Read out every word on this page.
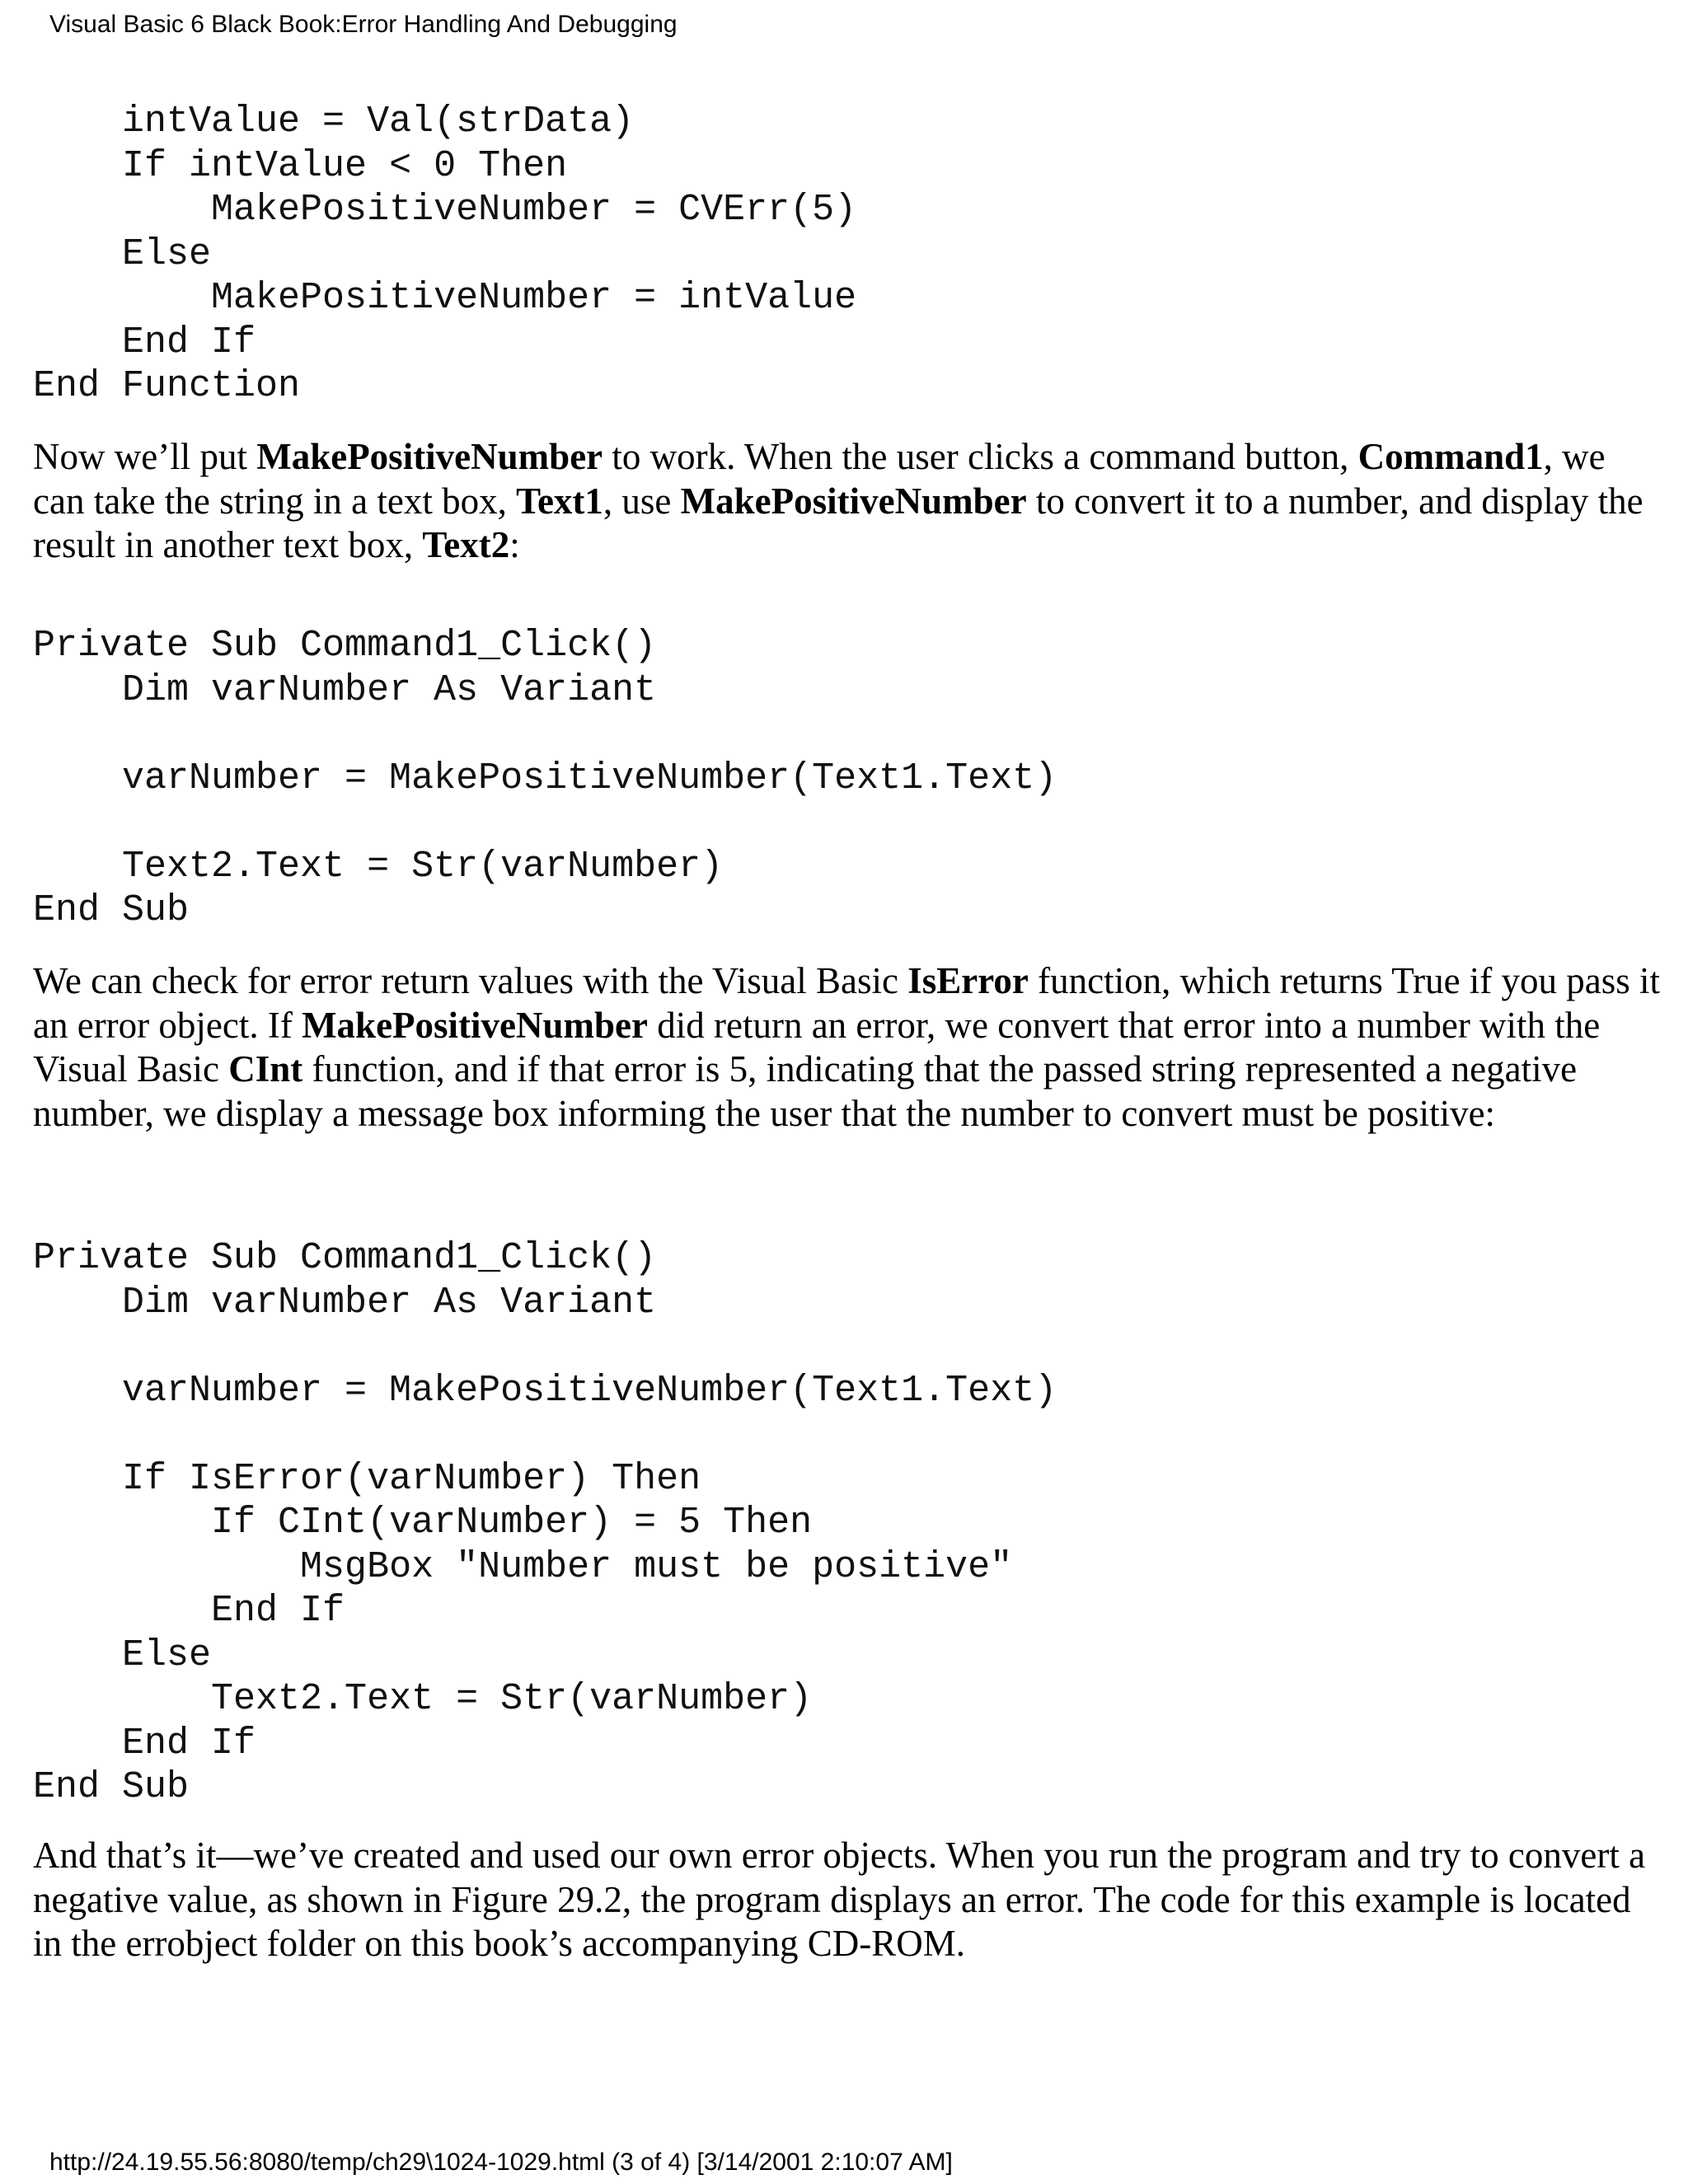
Visual Basic 6 Black Book:Error Handling And Debugging
intValue = Val(strData)
If intValue < 0 Then
MakePositiveNumber = CVErr(5)
Else
MakePositiveNumber = intValue
End If
End Function

Now we’ll put MakePositiveNumber to work. When the user clicks a command button, Command1, we can take the string in a text box, Text1, use MakePositiveNumber to convert it to a number, and display the result in another text box, Text2:

Private Sub Command1_Click()
Dim varNumber As Variant
varNumber = MakePositiveNumber(Text1.Text)
Text2.Text = Str(varNumber)
End Sub

We can check for error return values with the Visual Basic IsError function, which returns True if you pass it an error object. If MakePositiveNumber did return an error, we convert that error into a number with the Visual Basic CInt function, and if that error is 5, indicating that the passed string represented a negative number, we display a message box informing the user that the number to convert must be positive:

Private Sub Command1_Click()
Dim varNumber As Variant
varNumber = MakePositiveNumber(Text1.Text)
If IsError(varNumber) Then
If CInt(varNumber) = 5 Then
MsgBox "Number must be positive"
End If
Else
Text2.Text = Str(varNumber)
End If
End Sub

And that’s it—we’ve created and used our own error objects. When you run the program and try to convert a negative value, as shown in Figure 29.2, the program displays an error. The code for this example is located in the errobject folder on this book’s accompanying CD-ROM.

http://24.19.55.56:8080/temp/ch29\1024-1029.html (3 of 4) [3/14/2001 2:10:07 AM]
